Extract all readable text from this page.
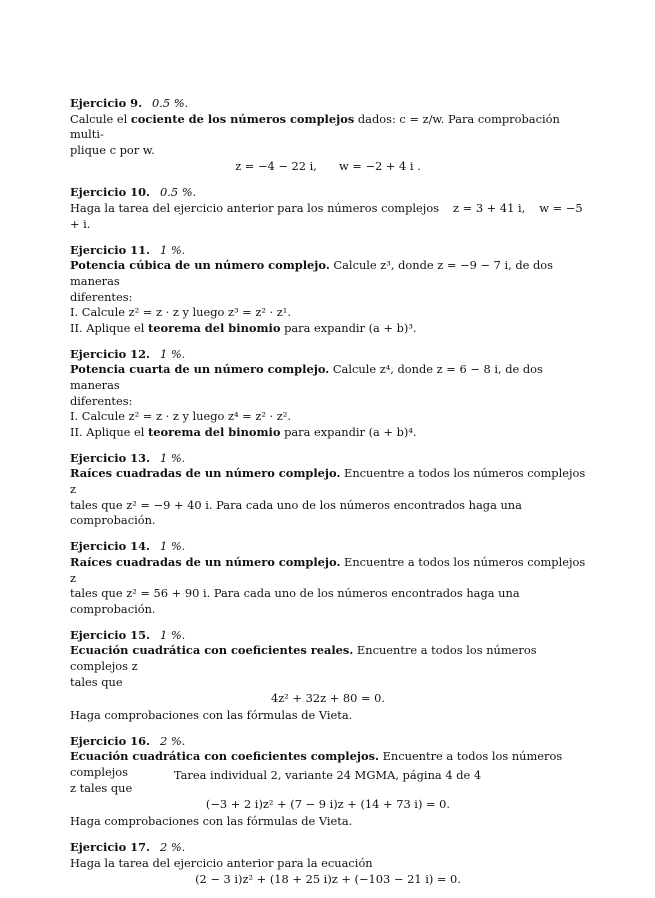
Ejercicio 9. 0.5 %.
Calcule el cociente de los números complejos dados: c = z/w. Para comprobación multi-
plique c por w.
z = −4 − 22 i, w = −2 + 4 i .
Ejercicio 10. 0.5 %.
Haga la tarea del ejercicio anterior para los números complejos z = 3 + 41 i, w = −5 + i.
Ejercicio 11. 1 %.
Potencia cúbica de un número complejo. Calcule z³, donde z = −9 − 7 i, de dos maneras
diferentes:
I. Calcule z² = z · z y luego z³ = z² · z¹.
II. Aplique el teorema del binomio para expandir (a + b)³.
Ejercicio 12. 1 %.
Potencia cuarta de un número complejo. Calcule z⁴, donde z = 6 − 8 i, de dos maneras
diferentes:
I. Calcule z² = z · z y luego z⁴ = z² · z².
II. Aplique el teorema del binomio para expandir (a + b)⁴.
Ejercicio 13. 1 %.
Raíces cuadradas de un número complejo. Encuentre a todos los números complejos z
tales que z² = −9 + 40 i. Para cada uno de los números encontrados haga una comprobación.
Ejercicio 14. 1 %.
Raíces cuadradas de un número complejo. Encuentre a todos los números complejos z
tales que z² = 56 + 90 i. Para cada uno de los números encontrados haga una comprobación.
Ejercicio 15. 1 %.
Ecuación cuadrática con coeficientes reales. Encuentre a todos los números complejos z
tales que
4z² + 32z + 80 = 0.
Haga comprobaciones con las fórmulas de Vieta.
Ejercicio 16. 2 %.
Ecuación cuadrática con coeficientes complejos. Encuentre a todos los números complejos
z tales que
(−3 + 2 i)z² + (7 − 9 i)z + (14 + 73 i) = 0.
Haga comprobaciones con las fórmulas de Vieta.
Ejercicio 17. 2 %.
Haga la tarea del ejercicio anterior para la ecuación
(2 − 3 i)z² + (18 + 25 i)z + (−103 − 21 i) = 0.
Tarea individual 2, variante 24 MGMA, página 4 de 4
